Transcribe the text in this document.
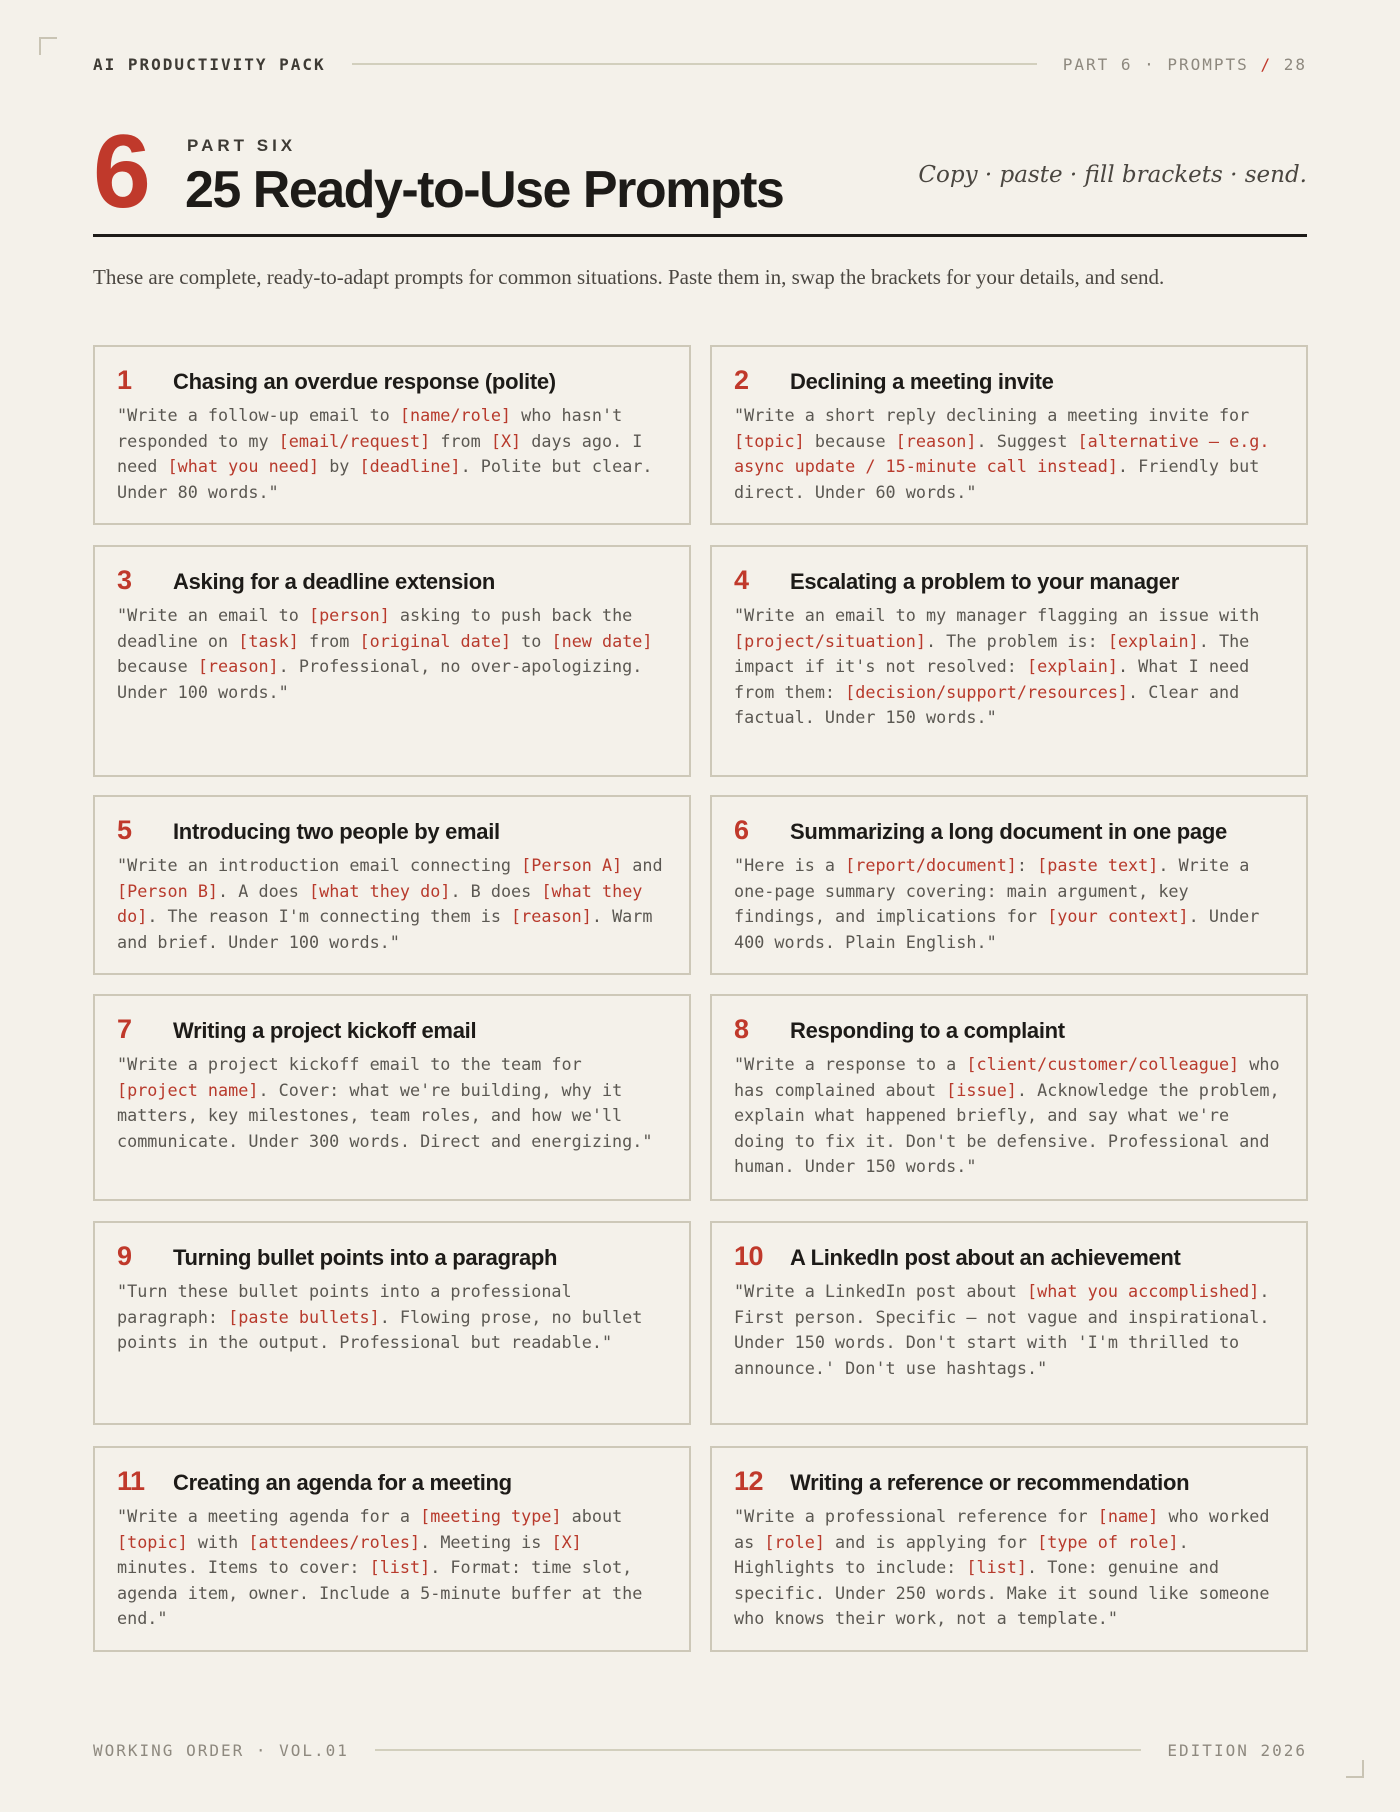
AI PRODUCTIVITY PACK	PART 6 · PROMPTS / 28
6 PART SIX
25 Ready-to-Use Prompts	Copy · paste · fill brackets · send.

These are complete, ready-to-adapt prompts for common situations. Paste them in, swap the brackets for your details, and send.

1	Chasing an overdue response (polite)
"Write a follow-up email to [name/role] who hasn't responded to my [email/request] from [X] days ago. I need [what you need] by [deadline]. Polite but clear. Under 80 words."
2	Declining a meeting invite
"Write a short reply declining a meeting invite for [topic] because [reason]. Suggest [alternative — e.g. async update / 15-minute call instead]. Friendly but direct. Under 60 words."
3	Asking for a deadline extension
"Write an email to [person] asking to push back the deadline on [task] from [original date] to [new date] because [reason]. Professional, no over-apologizing. Under 100 words."
4	Escalating a problem to your manager
"Write an email to my manager flagging an issue with [project/situation]. The problem is: [explain]. The impact if it's not resolved: [explain]. What I need from them: [decision/support/resources]. Clear and factual. Under 150 words."
5	Introducing two people by email
"Write an introduction email connecting [Person A] and [Person B]. A does [what they do]. B does [what they do]. The reason I'm connecting them is [reason]. Warm and brief. Under 100 words."
6	Summarizing a long document in one page
"Here is a [report/document]: [paste text]. Write a one-page summary covering: main argument, key findings, and implications for [your context]. Under 400 words. Plain English."
7	Writing a project kickoff email
"Write a project kickoff email to the team for [project name]. Cover: what we're building, why it matters, key milestones, team roles, and how we'll communicate. Under 300 words. Direct and energizing."
8	Responding to a complaint
"Write a response to a [client/customer/colleague] who has complained about [issue]. Acknowledge the problem, explain what happened briefly, and say what we're doing to fix it. Don't be defensive. Professional and human. Under 150 words."
9	Turning bullet points into a paragraph
"Turn these bullet points into a professional paragraph: [paste bullets]. Flowing prose, no bullet points in the output. Professional but readable."
10	A LinkedIn post about an achievement
"Write a LinkedIn post about [what you accomplished]. First person. Specific — not vague and inspirational. Under 150 words. Don't start with 'I'm thrilled to announce.' Don't use hashtags."
11	Creating an agenda for a meeting
"Write a meeting agenda for a [meeting type] about [topic] with [attendees/roles]. Meeting is [X] minutes. Items to cover: [list]. Format: time slot, agenda item, owner. Include a 5-minute buffer at the end."
12	Writing a reference or recommendation
"Write a professional reference for [name] who worked as [role] and is applying for [type of role]. Highlights to include: [list]. Tone: genuine and specific. Under 250 words. Make it sound like someone who knows their work, not a template."
WORKING ORDER · VOL.01	EDITION 2026
